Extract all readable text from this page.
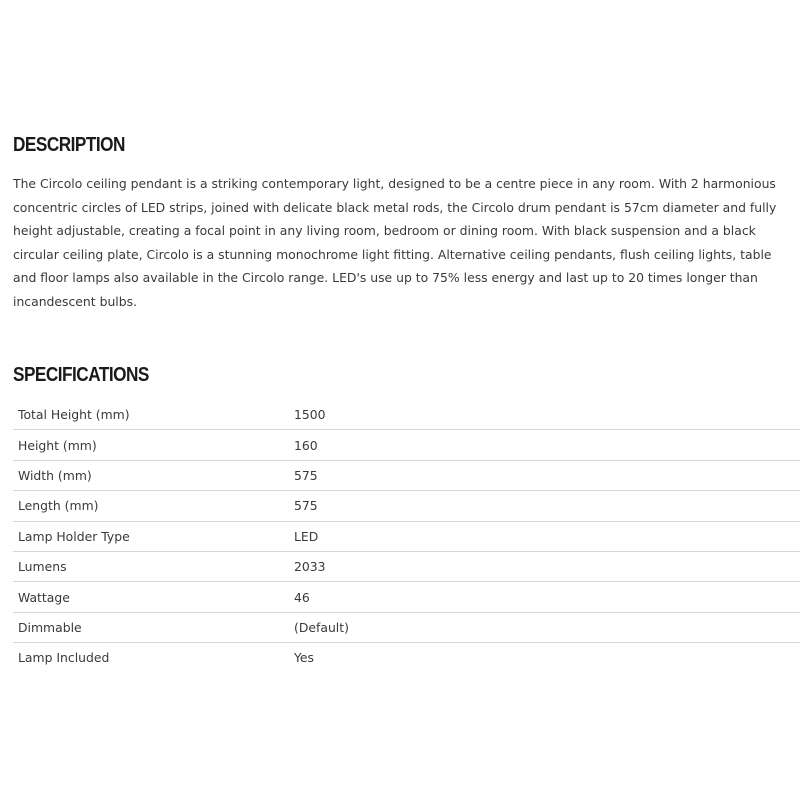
DESCRIPTION

The Circolo ceiling pendant is a striking contemporary light, designed to be a centre piece in any room. With 2 harmonious concentric circles of LED strips, joined with delicate black metal rods, the Circolo drum pendant is 57cm diameter and fully height adjustable, creating a focal point in any living room, bedroom or dining room. With black suspension and a black circular ceiling plate, Circolo is a stunning monochrome light fitting. Alternative ceiling pendants, flush ceiling lights, table and floor lamps also available in the Circolo range. LED's use up to 75% less energy and last up to 20 times longer than incandescent bulbs.

SPECIFICATIONS
Total Height (mm)	1500
Height (mm)	160
Width (mm)	575
Length (mm)	575
Lamp Holder Type	LED
Lumens	2033
Wattage	46
Dimmable	(Default)
Lamp Included	Yes
